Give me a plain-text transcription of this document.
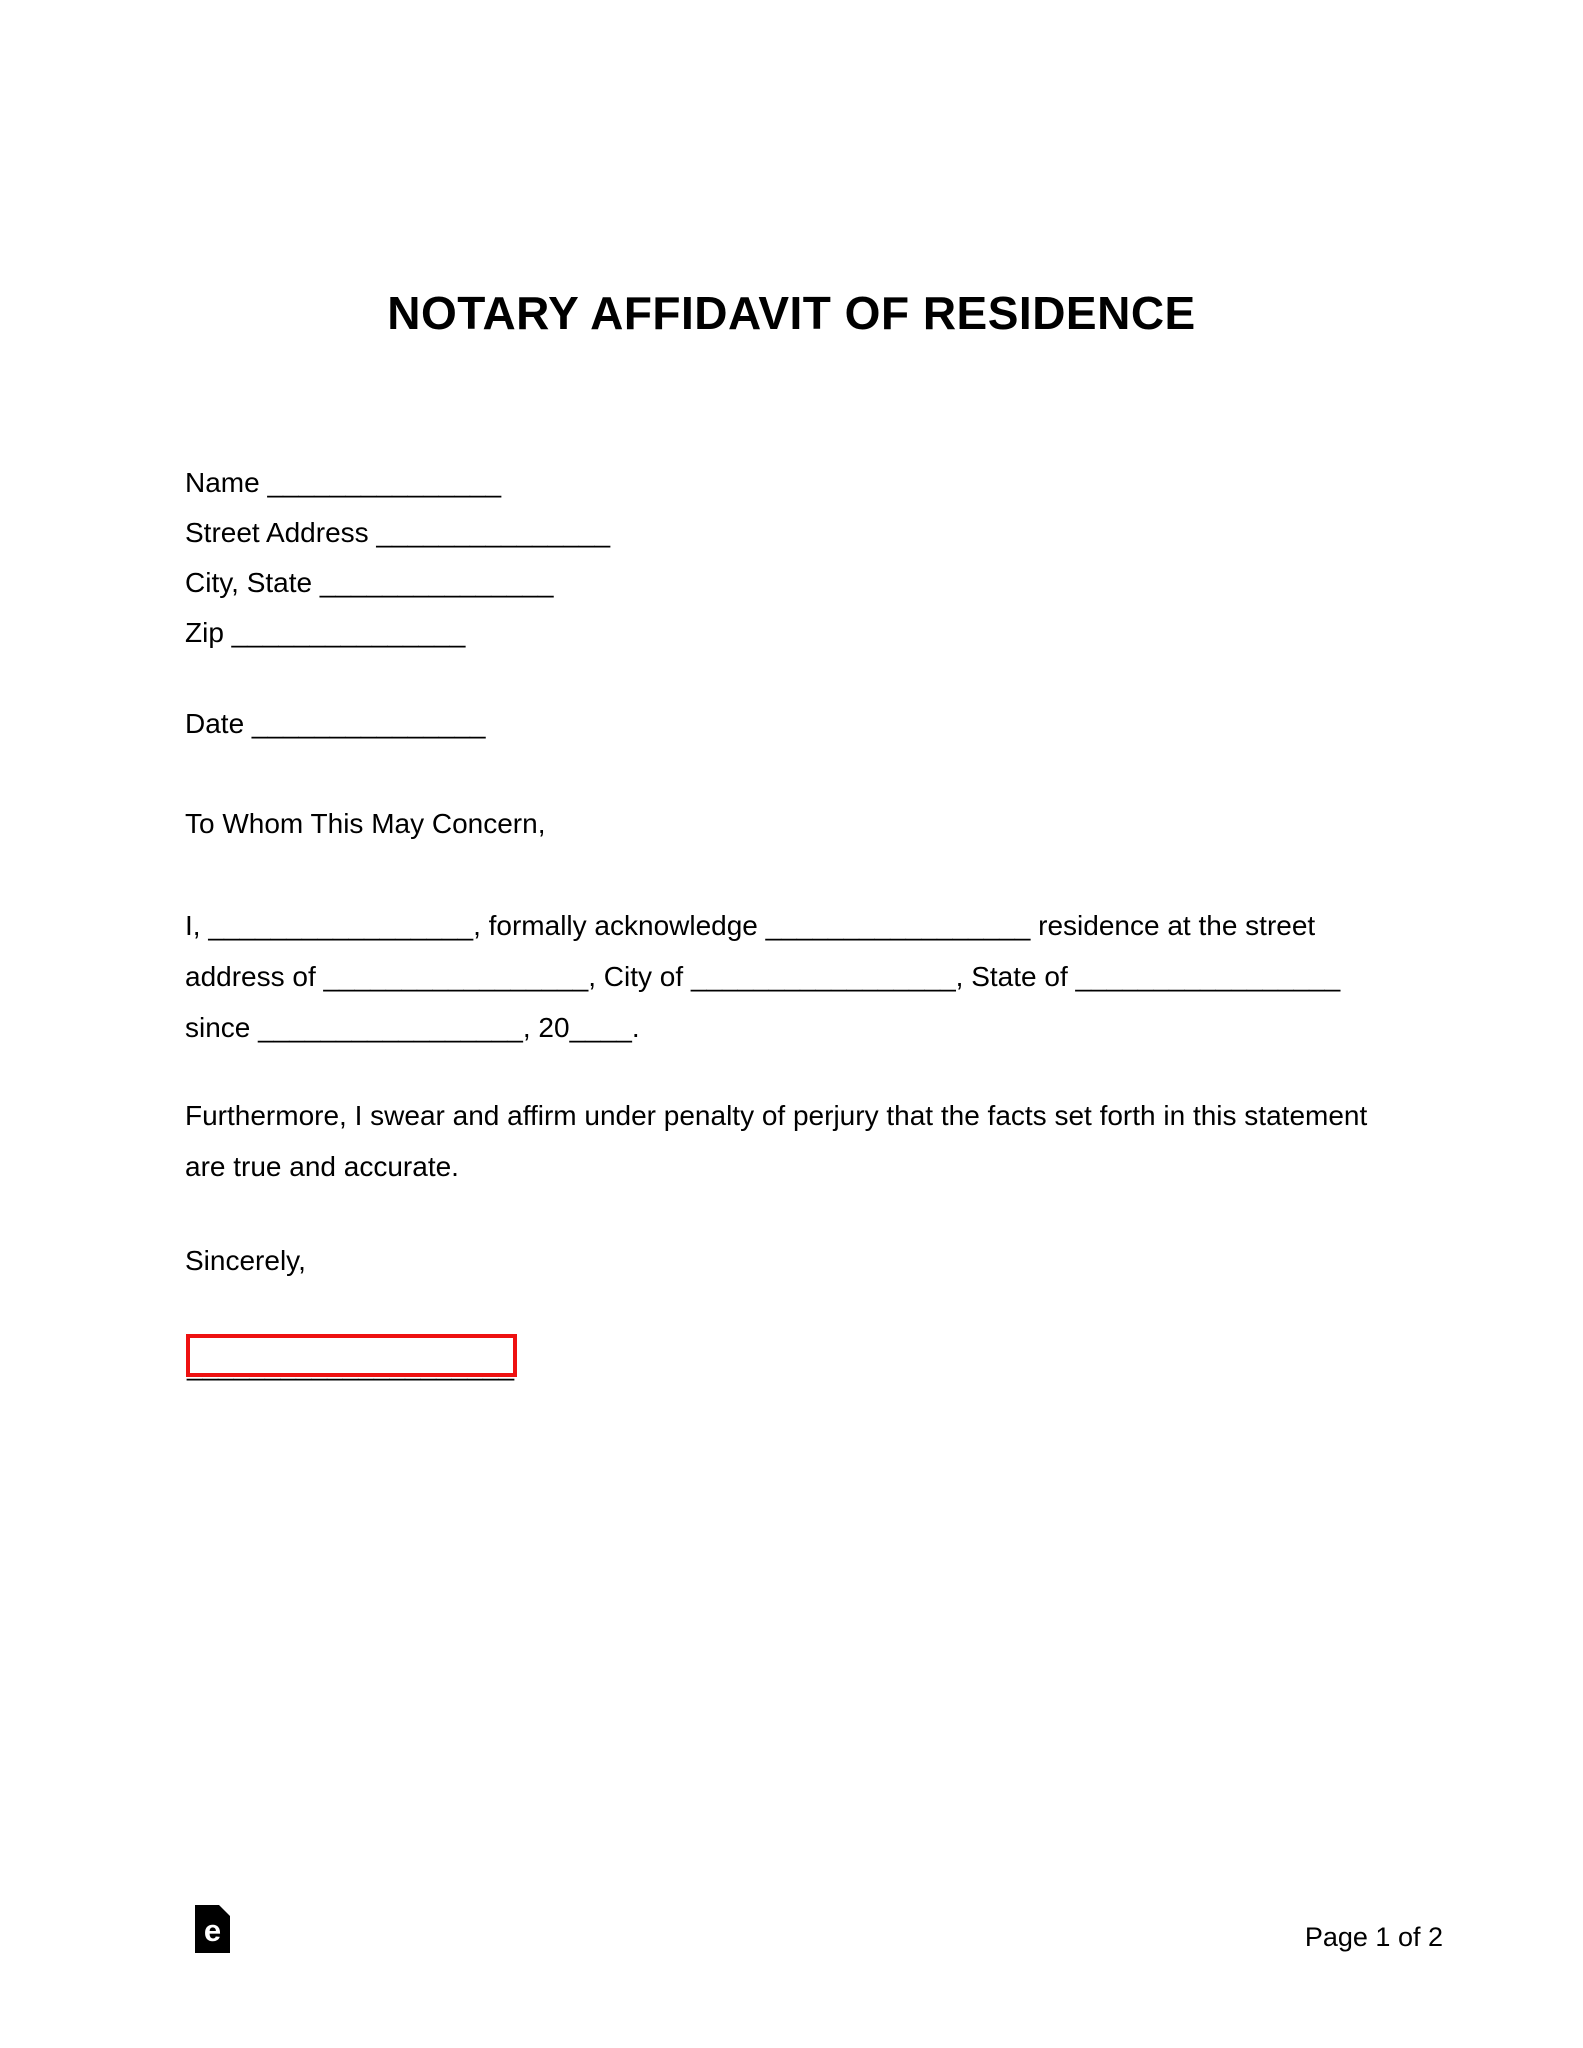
NOTARY AFFIDAVIT OF RESIDENCE
Name _______________
Street Address _______________
City, State _______________
Zip _______________
Date _______________
To Whom This May Concern,
I, _________________, formally acknowledge _________________ residence at the street
address of _________________, City of _________________, State of _________________
since _________________, 20____.
Furthermore, I swear and affirm under penalty of perjury that the facts set forth in this statement
are true and accurate.
Sincerely,
_____________________
e	Page 1 of 2
